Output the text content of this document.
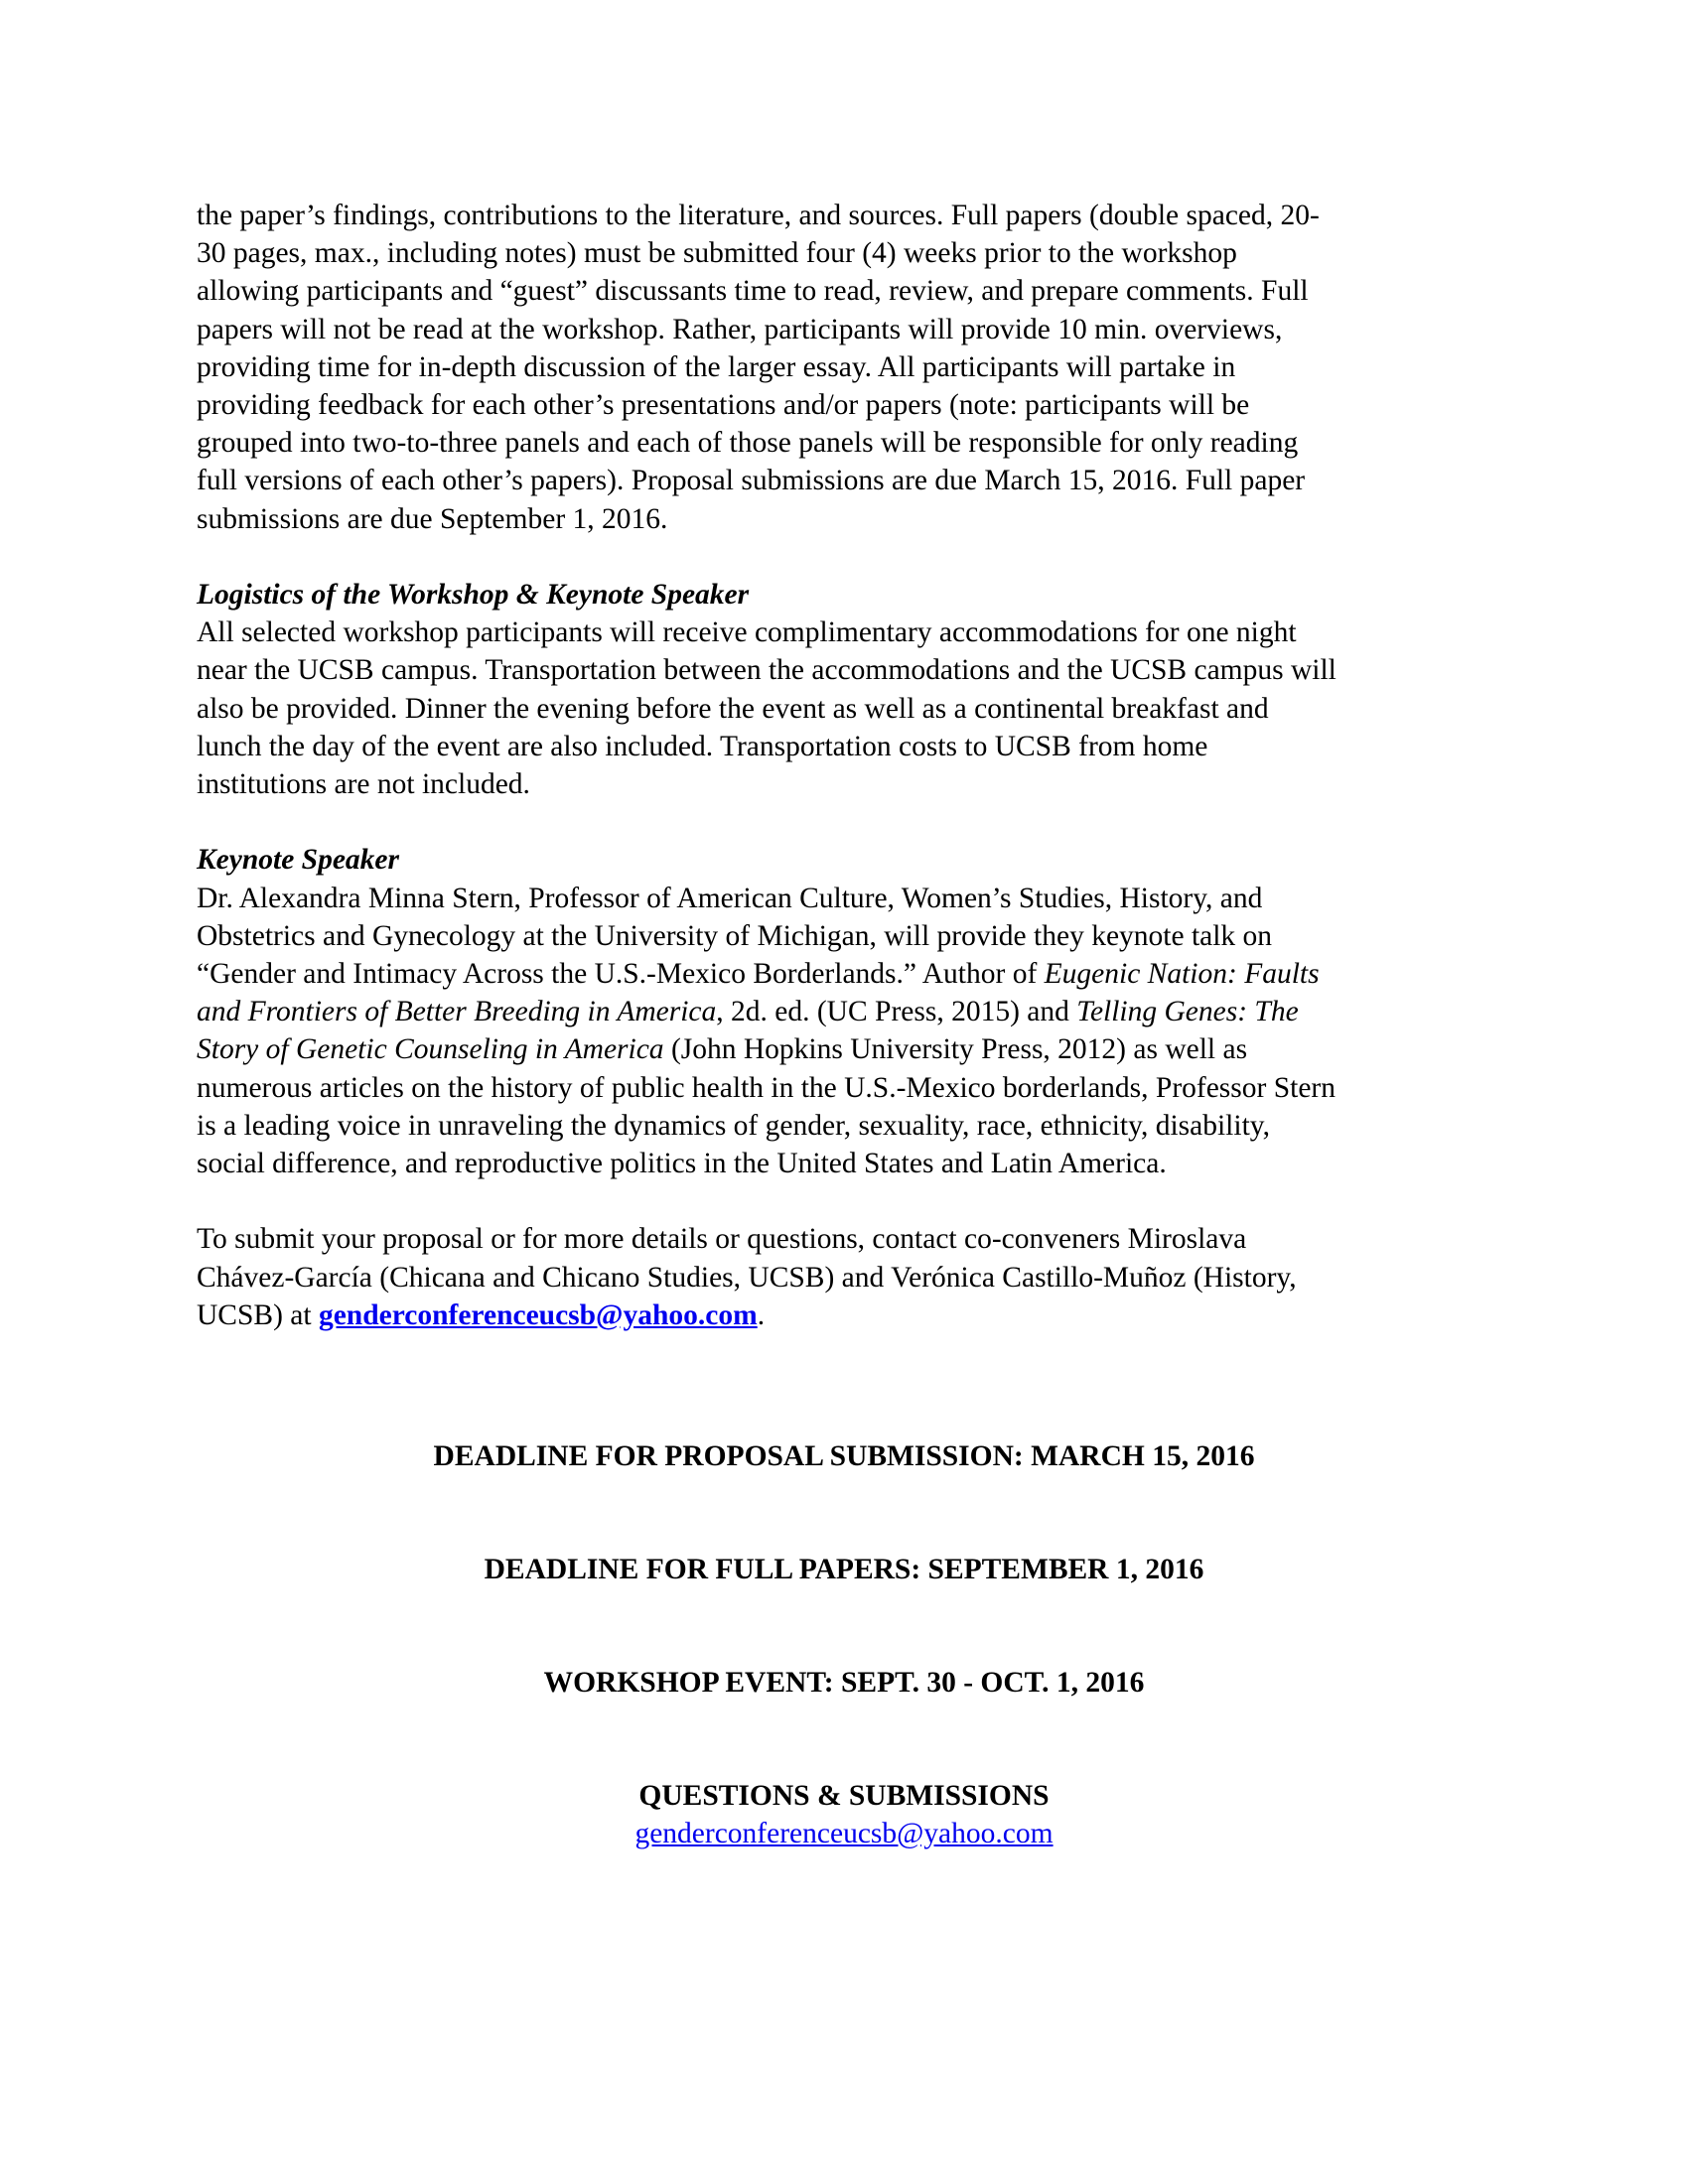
the paper’s findings, contributions to the literature, and sources. Full papers (double spaced, 20-
30 pages, max., including notes) must be submitted four (4) weeks prior to the workshop
allowing participants and “guest” discussants time to read, review, and prepare comments. Full
papers will not be read at the workshop. Rather, participants will provide 10 min. overviews,
providing time for in-depth discussion of the larger essay. All participants will partake in
providing feedback for each other’s presentations and/or papers (note: participants will be
grouped into two-to-three panels and each of those panels will be responsible for only reading
full versions of each other’s papers). Proposal submissions are due March 15, 2016. Full paper
submissions are due September 1, 2016.

Logistics of the Workshop & Keynote Speaker
All selected workshop participants will receive complimentary accommodations for one night
near the UCSB campus. Transportation between the accommodations and the UCSB campus will
also be provided. Dinner the evening before the event as well as a continental breakfast and
lunch the day of the event are also included. Transportation costs to UCSB from home
institutions are not included.

Keynote Speaker
Dr. Alexandra Minna Stern, Professor of American Culture, Women’s Studies, History, and
Obstetrics and Gynecology at the University of Michigan, will provide they keynote talk on
“Gender and Intimacy Across the U.S.-Mexico Borderlands.” Author of Eugenic Nation: Faults
and Frontiers of Better Breeding in America, 2d. ed. (UC Press, 2015) and Telling Genes: The
Story of Genetic Counseling in America (John Hopkins University Press, 2012) as well as
numerous articles on the history of public health in the U.S.-Mexico borderlands, Professor Stern
is a leading voice in unraveling the dynamics of gender, sexuality, race, ethnicity, disability,
social difference, and reproductive politics in the United States and Latin America.

To submit your proposal or for more details or questions, contact co-conveners Miroslava
Chávez-García (Chicana and Chicano Studies, UCSB) and Verónica Castillo-Muñoz (History,
UCSB) at genderconferenceucsb@yahoo.com.

DEADLINE FOR PROPOSAL SUBMISSION: MARCH 15, 2016
DEADLINE FOR FULL PAPERS: SEPTEMBER 1, 2016
WORKSHOP EVENT: SEPT. 30 - OCT. 1, 2016
QUESTIONS & SUBMISSIONS
genderconferenceucsb@yahoo.com
